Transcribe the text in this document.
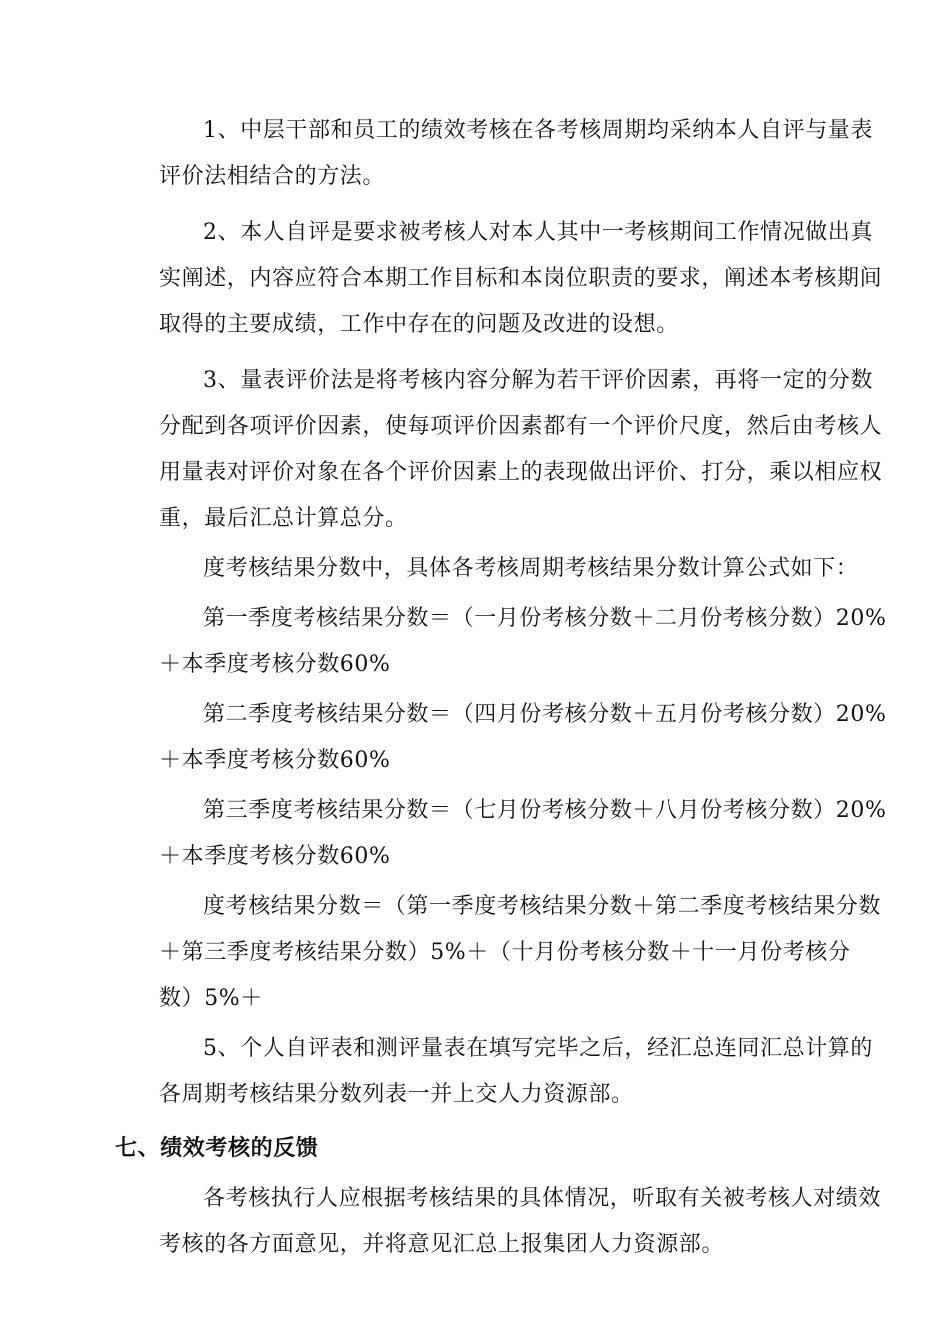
1、中层干部和员工的绩效考核在各考核周期均采纳本人自评与量表
评价法相结合的方法。

2、本人自评是要求被考核人对本人其中一考核期间工作情况做出真
实阐述，内容应符合本期工作目标和本岗位职责的要求，阐述本考核期间
取得的主要成绩，工作中存在的问题及改进的设想。

3、量表评价法是将考核内容分解为若干评价因素，再将一定的分数
分配到各项评价因素，使每项评价因素都有一个评价尺度，然后由考核人
用量表对评价对象在各个评价因素上的表现做出评价、打分，乘以相应权
重，最后汇总计算总分。

度考核结果分数中，具体各考核周期考核结果分数计算公式如下：

第一季度考核结果分数＝（一月份考核分数＋二月份考核分数）20%
＋本季度考核分数60%

第二季度考核结果分数＝（四月份考核分数＋五月份考核分数）20%
＋本季度考核分数60%

第三季度考核结果分数＝（七月份考核分数＋八月份考核分数）20%
＋本季度考核分数60%

度考核结果分数＝（第一季度考核结果分数＋第二季度考核结果分数
＋第三季度考核结果分数）5%＋（十月份考核分数＋十一月份考核分
数）5%＋

5、个人自评表和测评量表在填写完毕之后，经汇总连同汇总计算的
各周期考核结果分数列表一并上交人力资源部。

七、绩效考核的反馈

各考核执行人应根据考核结果的具体情况，听取有关被考核人对绩效
考核的各方面意见，并将意见汇总上报集团人力资源部。
